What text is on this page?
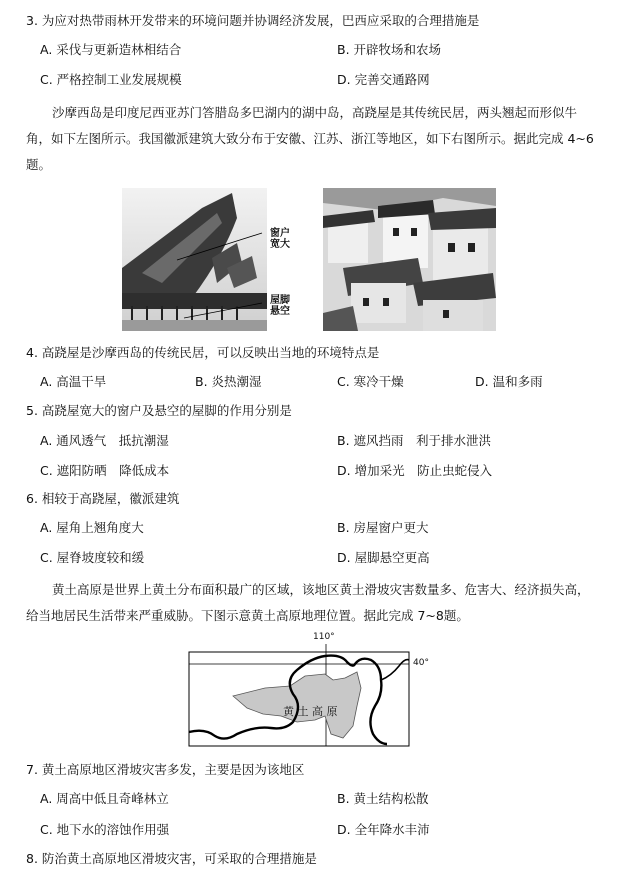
3. 为应对热带雨林开发带来的环境问题并协调经济发展，巴西应采取的合理措施是
A. 采伐与更新造林相结合	B. 开辟牧场和农场
C. 严格控制工业发展规模	D. 完善交通路网
沙摩西岛是印度尼西亚苏门答腊岛多巴湖内的湖中岛，高跷屋是其传统民居，两头翘起而形似牛角，如下左图所示。我国徽派建筑大致分布于安徽、江苏、浙江等地区，如下右图所示。据此完成 4~6题。
窗户
宽大
屋脚
悬空
4. 高跷屋是沙摩西岛的传统民居，可以反映出当地的环境特点是
A. 高温干旱	B. 炎热潮湿	C. 寒冷干燥	D. 温和多雨
5. 高跷屋宽大的窗户及悬空的屋脚的作用分别是
A. 通风透气　抵抗潮湿	B. 遮风挡雨　利于排水泄洪
C. 遮阳防晒　降低成本	D. 增加采光　防止虫蛇侵入
6. 相较于高跷屋，徽派建筑
A. 屋角上翘角度大	B. 房屋窗户更大
C. 屋脊坡度较和缓	D. 屋脚悬空更高
黄土高原是世界上黄土分布面积最广的区域，该地区黄土滑坡灾害数量多、危害大、经济损失高，给当地居民生活带来严重威胁。下图示意黄土高原地理位置。据此完成 7~8题。
110°
40°
黄 土 高 原
7. 黄土高原地区滑坡灾害多发，主要是因为该地区
A. 周高中低且奇峰林立	B. 黄土结构松散
C. 地下水的溶蚀作用强	D. 全年降水丰沛
8. 防治黄土高原地区滑坡灾害，可采取的合理措施是
